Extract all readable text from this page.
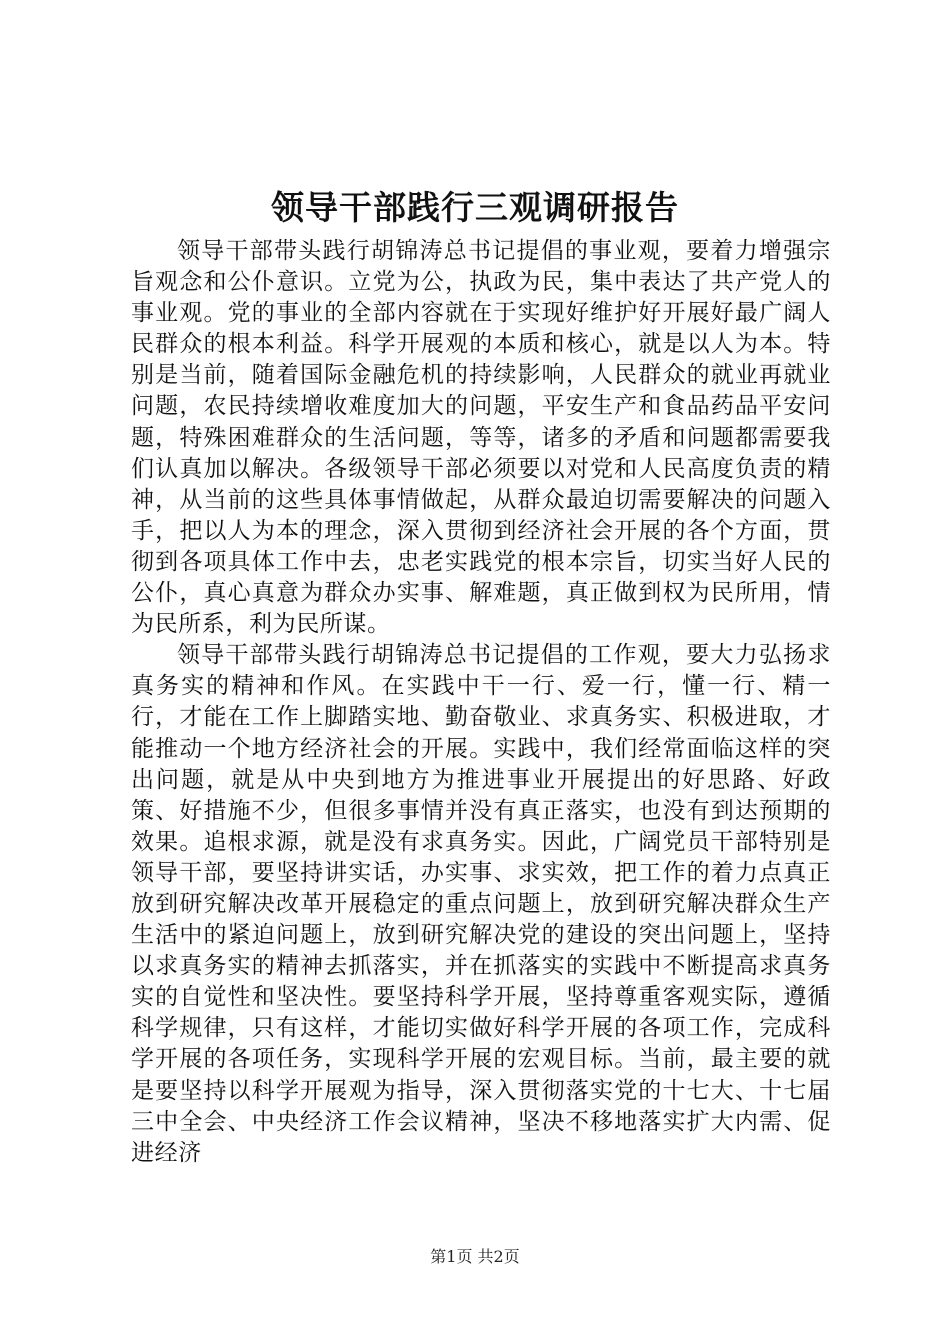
领导干部践行三观调研报告

领导干部带头践行胡锦涛总书记提倡的事业观，要着力增强宗旨观念和公仆意识。立党为公，执政为民，集中表达了共产党人的事业观。党的事业的全部内容就在于实现好维护好开展好最广阔人民群众的根本利益。科学开展观的本质和核心，就是以人为本。特别是当前，随着国际金融危机的持续影响，人民群众的就业再就业问题，农民持续增收难度加大的问题，平安生产和食品药品平安问题，特殊困难群众的生活问题，等等，诸多的矛盾和问题都需要我们认真加以解决。各级领导干部必须要以对党和人民高度负责的精神，从当前的这些具体事情做起，从群众最迫切需要解决的问题入手，把以人为本的理念，深入贯彻到经济社会开展的各个方面，贯彻到各项具体工作中去，忠老实践党的根本宗旨，切实当好人民的公仆，真心真意为群众办实事、解难题，真正做到权为民所用，情为民所系，利为民所谋。

领导干部带头践行胡锦涛总书记提倡的工作观，要大力弘扬求真务实的精神和作风。在实践中干一行、爱一行，懂一行、精一行，才能在工作上脚踏实地、勤奋敬业、求真务实、积极进取，才能推动一个地方经济社会的开展。实践中，我们经常面临这样的突出问题，就是从中央到地方为推进事业开展提出的好思路、好政策、好措施不少，但很多事情并没有真正落实，也没有到达预期的效果。追根求源，就是没有求真务实。因此，广阔党员干部特别是领导干部，要坚持讲实话，办实事、求实效，把工作的着力点真正放到研究解决改革开展稳定的重点问题上，放到研究解决群众生产生活中的紧迫问题上，放到研究解决党的建设的突出问题上，坚持以求真务实的精神去抓落实，并在抓落实的实践中不断提高求真务实的自觉性和坚决性。要坚持科学开展，坚持尊重客观实际，遵循科学规律，只有这样，才能切实做好科学开展的各项工作，完成科学开展的各项任务，实现科学开展的宏观目标。当前，最主要的就是要坚持以科学开展观为指导，深入贯彻落实党的十七大、十七届三中全会、中央经济工作会议精神，坚决不移地落实扩大内需、促进经济

第1页 共2页
